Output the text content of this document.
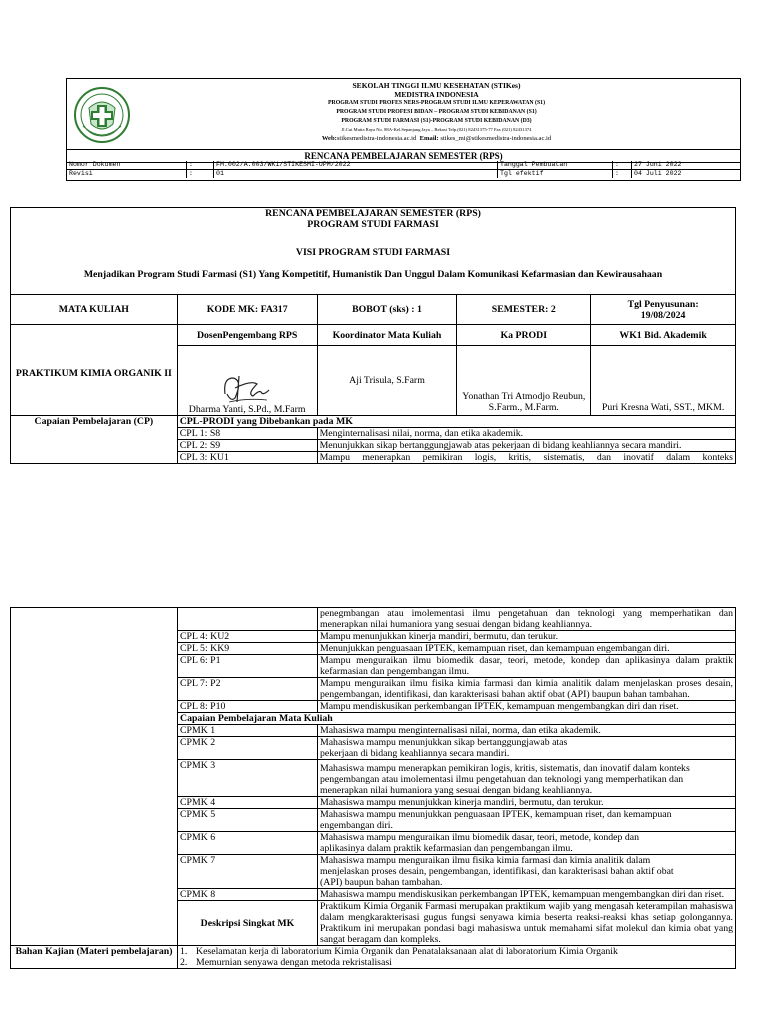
SEKOLAH TINGGI ILMU KESEHATAN (STIKes)
MEDISTRA INDONESIA
PROGRAM STUDI PROFES NERS-PROGRAM STUDI ILMU KEPERAWATAN (S1)
PROGRAM STUDI PROFESI BIDAN – PROGRAM STUDI KEBIDANAN (S1)
PROGRAM STUDI FARMASI (S1)-PROGRAM STUDI KEBIDANAN (D3)
Jl.Cut Mutia Raya No. 88A-Kel.Sepanjang Jaya – Bekasi Telp.(021) 82431375-77 Fax (021) 82431374
Web:stikesmedistra-indonesia.ac.id Email: stikes_mi@stikesmedistra-indonesia.ac.id
RENCANA PEMBELAJARAN SEMESTER (RPS)
Nomor Dokumen	:	FM.002/A.003/WK1/STIKESMI-UPM/2022	Tanggal Pembuatan	:	27 Juni 2022
Revisi	:	01	Tgl efektif	:	04 Juli 2022
RENCANA PEMBELAJARAN SEMESTER (RPS)				
PROGRAM STUDI FARMASI				
VISI PROGRAM STUDI FARMASI				
Menjadikan Program Studi Farmasi (S1) Yang Kompetitif, Humanistik Dan Unggul Dalam Komunikasi Kefarmasian dan Kewirausahaan				
MATA KULIAH	KODE MK: FA317	BOBOT (sks) : 1	SEMESTER: 2	Tgl Penyusunan:
19/08/2024

PRAKTIKUM KIMIA ORGANIK II	DosenPengembang RPS	Koordinator Mata Kuliah	Ka PRODI	WK1 Bid. Akademik

	Dharma Yanti, S.Pd., M.Farm	Aji Trisula, S.Farm	Yonathan Tri Atmodjo Reubun, S.Farm., M.Farm.	Puri Kresna Wati, SST., MKM.
Capaian Pembelajaran (CP)	CPL-PRODI yang Dibebankan pada MK			
	CPL 1: S8	Menginternalisasi nilai, norma, dan etika akademik.		
	CPL 2: S9	Menunjukkan sikap bertanggungjawab atas pekerjaan di bidang keahliannya secara mandiri.		
	CPL 3: KU1	Mampu menerapkan pemikiran logis, kritis, sistematis, dan inovatif dalam konteks		
		penegmbangan atau imolementasi ilmu pengetahuan dan teknologi yang memperhatikan dan menerapkan nilai humaniora yang sesuai dengan bidang keahliannya.
	CPL 4: KU2	Mampu menunjukkan kinerja mandiri, bermutu, dan terukur.
	CPL 5: KK9	Menunjukkan penguasaan IPTEK, kemampuan riset, dan kemampuan engembangan diri.
	CPL 6: P1	Mampu menguraikan ilmu biomedik dasar, teori, metode, kondep dan aplikasinya dalam praktik kefarmasian dan pengembangan ilmu.
	CPL 7: P2	Mampu menguraikan ilmu fisika kimia farmasi dan kimia analitik dalam menjelaskan proses desain, pengembangan, identifikasi, dan karakterisasi bahan aktif obat (API) baupun bahan tambahan.
	CPL 8: P10	Mampu mendiskusikan perkembangan IPTEK, kemampuan mengembangkan diri dan riset.
	Capaian Pembelajaran Mata Kuliah	
	CPMK 1	Mahasiswa mampu menginternalisasi nilai, norma, dan etika akademik.
	CPMK 2	Mahasiswa mampu menunjukkan sikap bertanggungjawab atas pekerjaan di bidang keahliannya secara mandiri.
	CPMK 3	Mahasiswa mampu menerapkan pemikiran logis, kritis, sistematis, dan inovatif dalam konteks pengembangan atau imolementasi ilmu pengetahuan dan teknologi yang memperhatikan dan menerapkan nilai humaniora yang sesuai dengan bidang keahliannya.
	CPMK 4	Mahasiswa mampu menunjukkan kinerja mandiri, bermutu, dan terukur.
	CPMK 5	Mahasiswa mampu menunjukkan penguasaan IPTEK, kemampuan riset, dan kemampuan engembangan diri.
	CPMK 6	Mahasiswa mampu menguraikan ilmu biomedik dasar, teori, metode, kondep dan aplikasinya dalam praktik kefarmasian dan pengembangan ilmu.
	CPMK 7	Mahasiswa mampu menguraikan ilmu fisika kimia farmasi dan kimia analitik dalam menjelaskan proses desain, pengembangan, identifikasi, dan karakterisasi bahan aktif obat (API) baupun bahan tambahan.
	CPMK 8	Mahasiswa mampu mendiskusikan perkembangan IPTEK, kemampuan mengembangkan diri dan riset.
	Deskripsi Singkat MK	Praktikum Kimia Organik Farmasi merupakan praktikum wajib yang mengasah keterampilan mahasiswa dalam mengkarakterisasi gugus fungsi senyawa kimia beserta reaksi-reaksi khas setiap golongannya. Praktikum ini merupakan pondasi bagi mahasiswa untuk memahami sifat molekul dan kimia obat yang sangat beragam dan kompleks.
Bahan Kajian (Materi pembelajaran)	1. Keselamatan kerja di laboratorium Kimia Organik dan Penatalaksanaan alat di laboratorium Kimia Organik	
	2. Memurnian senyawa dengan metoda rekristalisasi	
